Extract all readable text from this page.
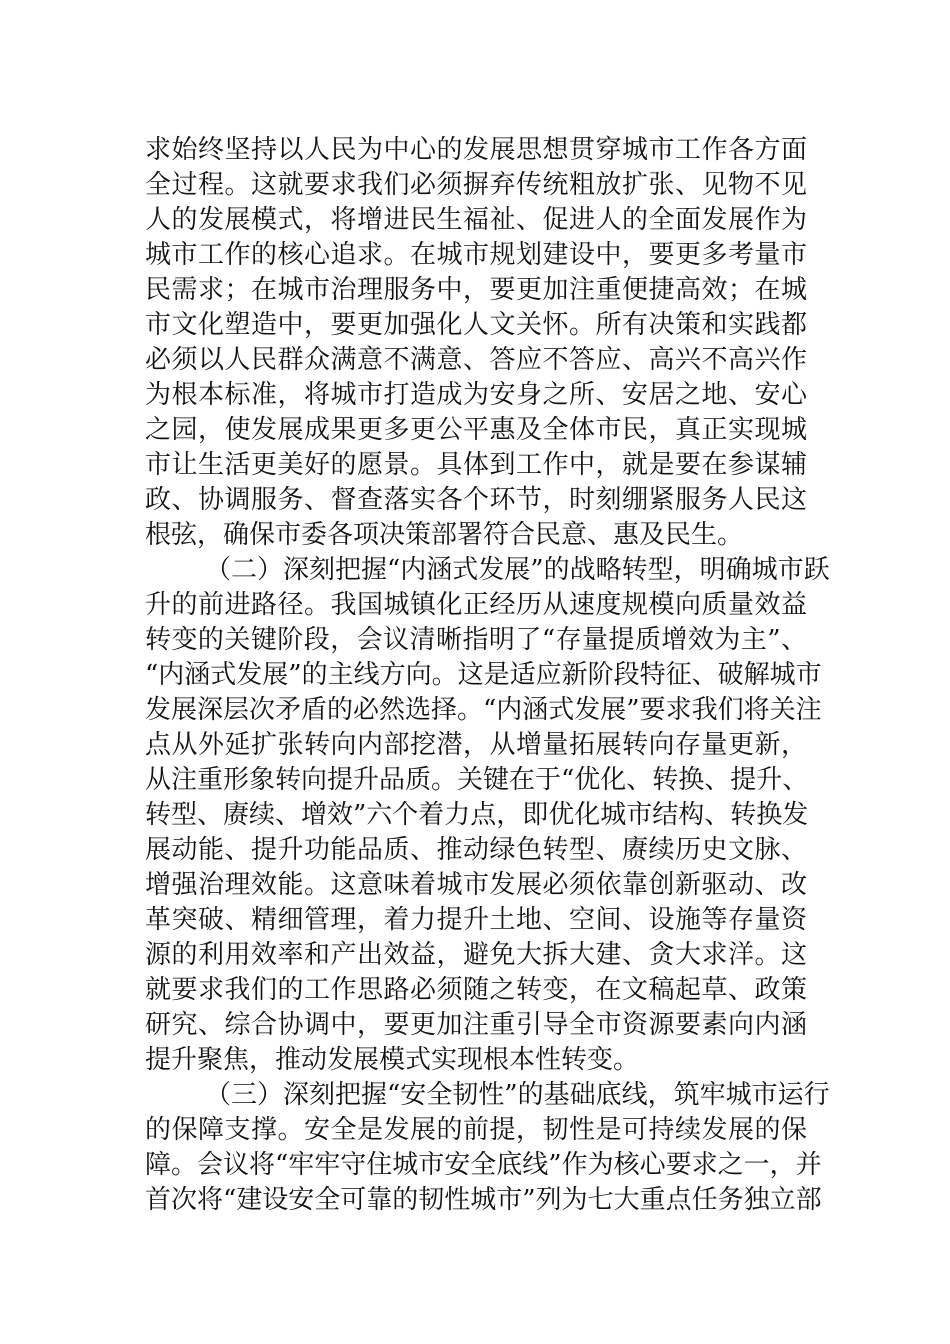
求始终坚持以人民为中心的发展思想贯穿城市工作各方面
全过程。这就要求我们必须摒弃传统粗放扩张、见物不见
人的发展模式，将增进民生福祉、促进人的全面发展作为
城市工作的核心追求。在城市规划建设中，要更多考量市
民需求；在城市治理服务中，要更加注重便捷高效；在城
市文化塑造中，要更加强化人文关怀。所有决策和实践都
必须以人民群众满意不满意、答应不答应、高兴不高兴作
为根本标准，将城市打造成为安身之所、安居之地、安心
之园，使发展成果更多更公平惠及全体市民，真正实现城
市让生活更美好的愿景。具体到工作中，就是要在参谋辅
政、协调服务、督查落实各个环节，时刻绷紧服务人民这
根弦，确保市委各项决策部署符合民意、惠及民生。
（二）深刻把握“内涵式发展”的战略转型，明确城市跃
升的前进路径。我国城镇化正经历从速度规模向质量效益
转变的关键阶段，会议清晰指明了“存量提质增效为主”、
“内涵式发展”的主线方向。这是适应新阶段特征、破解城市
发展深层次矛盾的必然选择。“内涵式发展”要求我们将关注
点从外延扩张转向内部挖潜，从增量拓展转向存量更新，
从注重形象转向提升品质。关键在于“优化、转换、提升、
转型、赓续、增效”六个着力点，即优化城市结构、转换发
展动能、提升功能品质、推动绿色转型、赓续历史文脉、
增强治理效能。这意味着城市发展必须依靠创新驱动、改
革突破、精细管理，着力提升土地、空间、设施等存量资
源的利用效率和产出效益，避免大拆大建、贪大求洋。这
就要求我们的工作思路必须随之转变，在文稿起草、政策
研究、综合协调中，要更加注重引导全市资源要素向内涵
提升聚焦，推动发展模式实现根本性转变。
（三）深刻把握“安全韧性”的基础底线，筑牢城市运行
的保障支撑。安全是发展的前提，韧性是可持续发展的保
障。会议将“牢牢守住城市安全底线”作为核心要求之一，并
首次将“建设安全可靠的韧性城市”列为七大重点任务独立部
